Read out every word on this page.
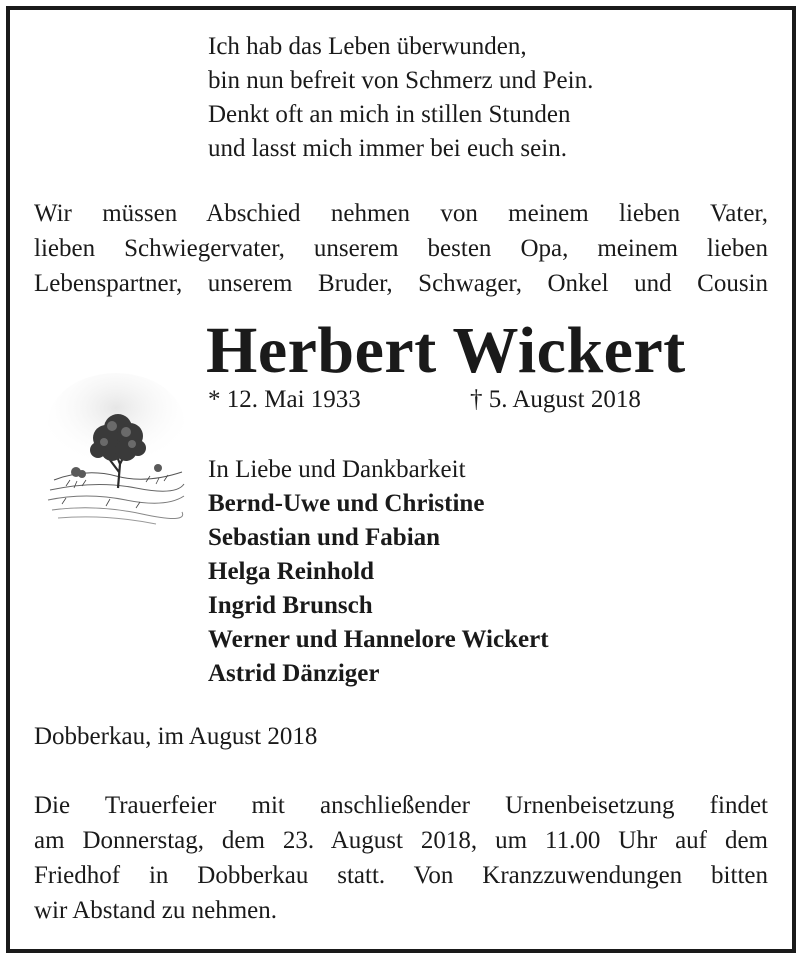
Ich hab das Leben überwunden,
bin nun befreit von Schmerz und Pein.
Denkt oft an mich in stillen Stunden
und lasst mich immer bei euch sein.
Wir müssen Abschied nehmen von meinem lieben Vater,
lieben Schwiegervater, unserem besten Opa, meinem lieben
Lebenspartner, unserem Bruder, Schwager, Onkel und Cousin
Herbert Wickert
* 12. Mai 1933	† 5. August 2018
In Liebe und Dankbarkeit
Bernd-Uwe und Christine
Sebastian und Fabian
Helga Reinhold
Ingrid Brunsch
Werner und Hannelore Wickert
Astrid Dänziger
Dobberkau, im August 2018
Die Trauerfeier mit anschließender Urnenbeisetzung findet
am Donnerstag, dem 23. August 2018, um 11.00 Uhr auf dem
Friedhof in Dobberkau statt. Von Kranzzuwendungen bitten
wir Abstand zu nehmen.
